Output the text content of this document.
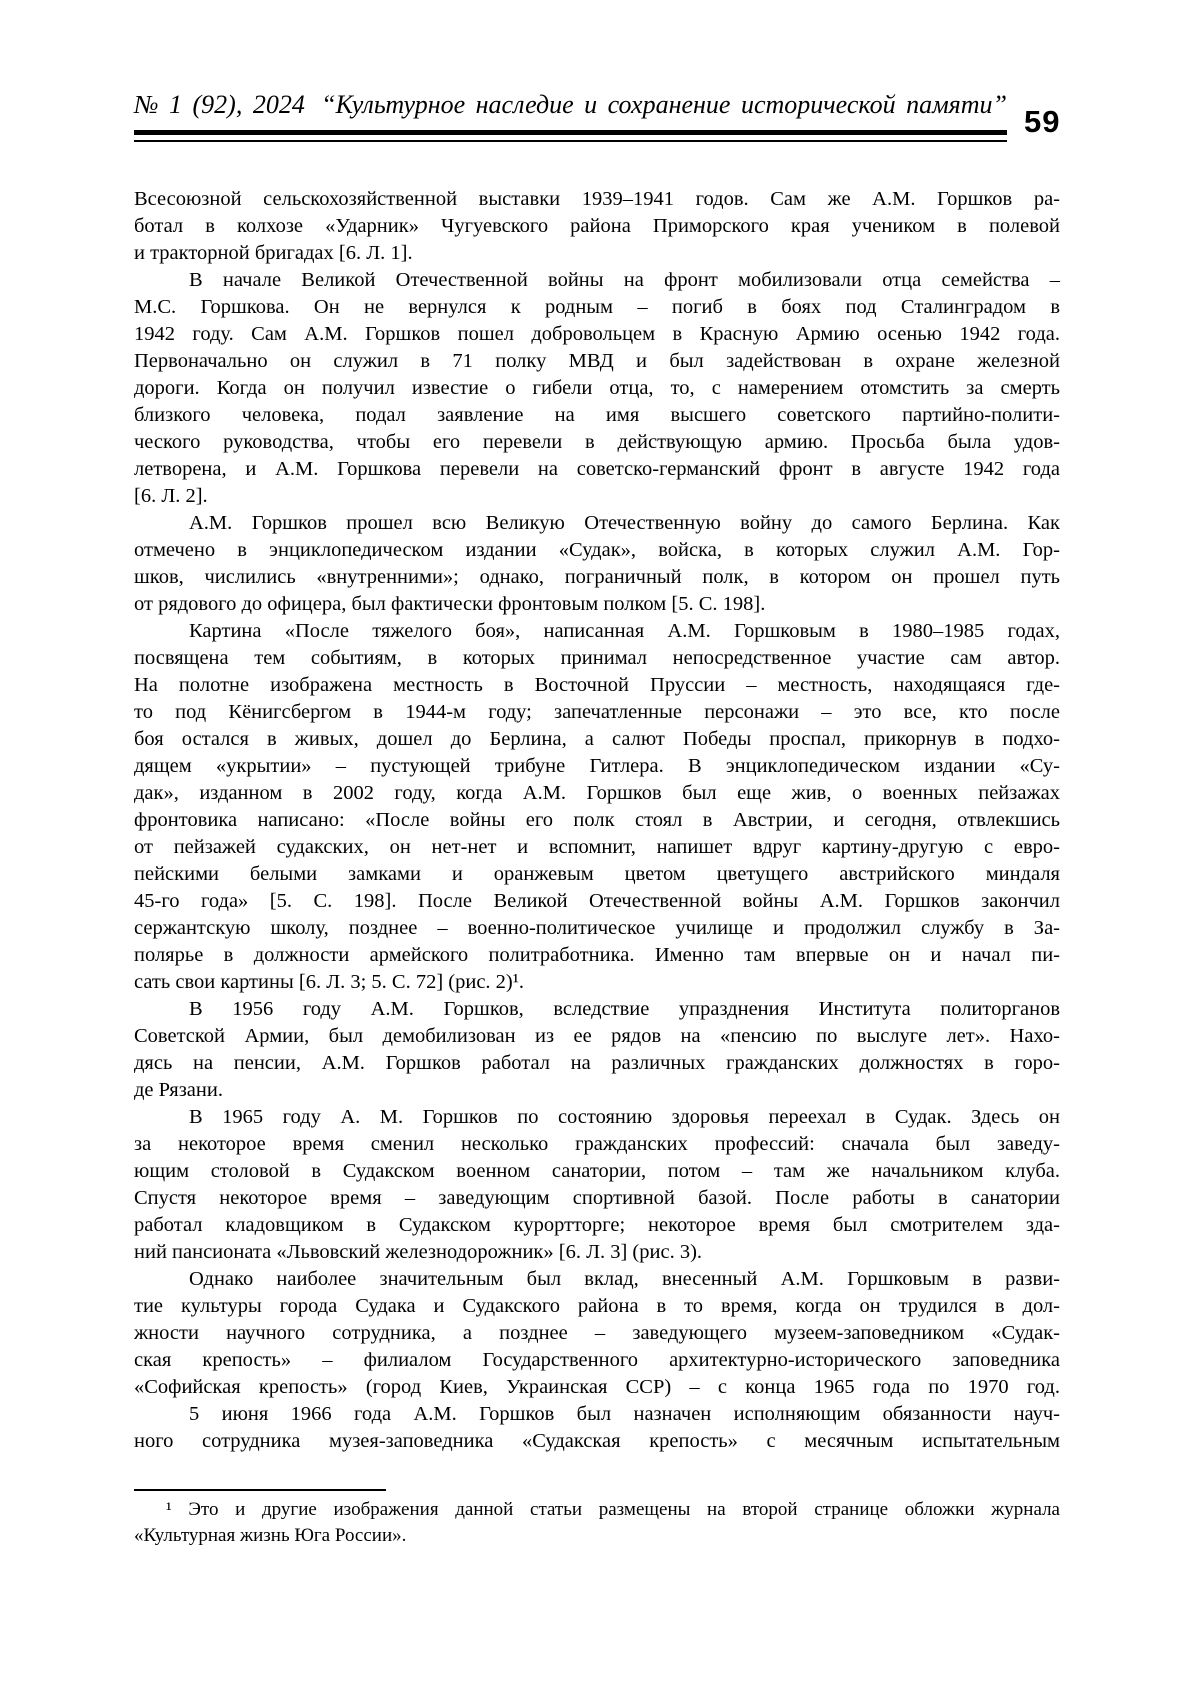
№ 1 (92), 2024 “Культурное наследие и сохранение исторической памяти” 59
Всесоюзной сельскохозяйственной выставки 1939–1941 годов. Сам же А.М. Горшков ра-
ботал в колхозе «Ударник» Чугуевского района Приморского края учеником в полевой
и тракторной бригадах [6. Л. 1].
В начале Великой Отечественной войны на фронт мобилизовали отца семейства –
М.С. Горшкова. Он не вернулся к родным – погиб в боях под Сталинградом в
1942 году. Сам А.М. Горшков пошел добровольцем в Красную Армию осенью 1942 года.
Первоначально он служил в 71 полку МВД и был задействован в охране железной
дороги. Когда он получил известие о гибели отца, то, с намерением отомстить за смерть
близкого человека, подал заявление на имя высшего советского партийно-полити-
ческого руководства, чтобы его перевели в действующую армию. Просьба была удов-
летворена, и А.М. Горшкова перевели на советско-германский фронт в августе 1942 года
[6. Л. 2].
А.М. Горшков прошел всю Великую Отечественную войну до самого Берлина. Как
отмечено в энциклопедическом издании «Судак», войска, в которых служил А.М. Гор-
шков, числились «внутренними»; однако, пограничный полк, в котором он прошел путь
от рядового до офицера, был фактически фронтовым полком [5. С. 198].
Картина «После тяжелого боя», написанная А.М. Горшковым в 1980–1985 годах,
посвящена тем событиям, в которых принимал непосредственное участие сам автор.
На полотне изображена местность в Восточной Пруссии – местность, находящаяся где-
то под Кёнигсбергом в 1944-м году; запечатленные персонажи – это все, кто после
боя остался в живых, дошел до Берлина, а салют Победы проспал, прикорнув в подхо-
дящем «укрытии» – пустующей трибуне Гитлера. В энциклопедическом издании «Су-
дак», изданном в 2002 году, когда А.М. Горшков был еще жив, о военных пейзажах
фронтовика написано: «После войны его полк стоял в Австрии, и сегодня, отвлекшись
от пейзажей судакских, он нет-нет и вспомнит, напишет вдруг картину-другую с евро-
пейскими белыми замками и оранжевым цветом цветущего австрийского миндаля
45-го года» [5. С. 198]. После Великой Отечественной войны А.М. Горшков закончил
сержантскую школу, позднее – военно-политическое училище и продолжил службу в За-
полярье в должности армейского политработника. Именно там впервые он и начал пи-
сать свои картины [6. Л. 3; 5. С. 72] (рис. 2)¹.
В 1956 году А.М. Горшков, вследствие упразднения Института политорганов
Советской Армии, был демобилизован из ее рядов на «пенсию по выслуге лет». Нахо-
дясь на пенсии, А.М. Горшков работал на различных гражданских должностях в горо-
де Рязани.
В 1965 году А. М. Горшков по состоянию здоровья переехал в Судак. Здесь он
за некоторое время сменил несколько гражданских профессий: сначала был заведу-
ющим столовой в Судакском военном санатории, потом – там же начальником клуба.
Спустя некоторое время – заведующим спортивной базой. После работы в санатории
работал кладовщиком в Судакском курортторге; некоторое время был смотрителем зда-
ний пансионата «Львовский железнодорожник» [6. Л. 3] (рис. 3).
Однако наиболее значительным был вклад, внесенный А.М. Горшковым в разви-
тие культуры города Судака и Судакского района в то время, когда он трудился в дол-
жности научного сотрудника, а позднее – заведующего музеем-заповедником «Судак-
ская крепость» – филиалом Государственного архитектурно-исторического заповедника
«Софийская крепость» (город Киев, Украинская ССР) – с конца 1965 года по 1970 год.
5 июня 1966 года А.М. Горшков был назначен исполняющим обязанности науч-
ного сотрудника музея-заповедника «Судакская крепость» с месячным испытательным
¹ Это и другие изображения данной статьи размещены на второй странице обложки журнала
«Культурная жизнь Юга России».
